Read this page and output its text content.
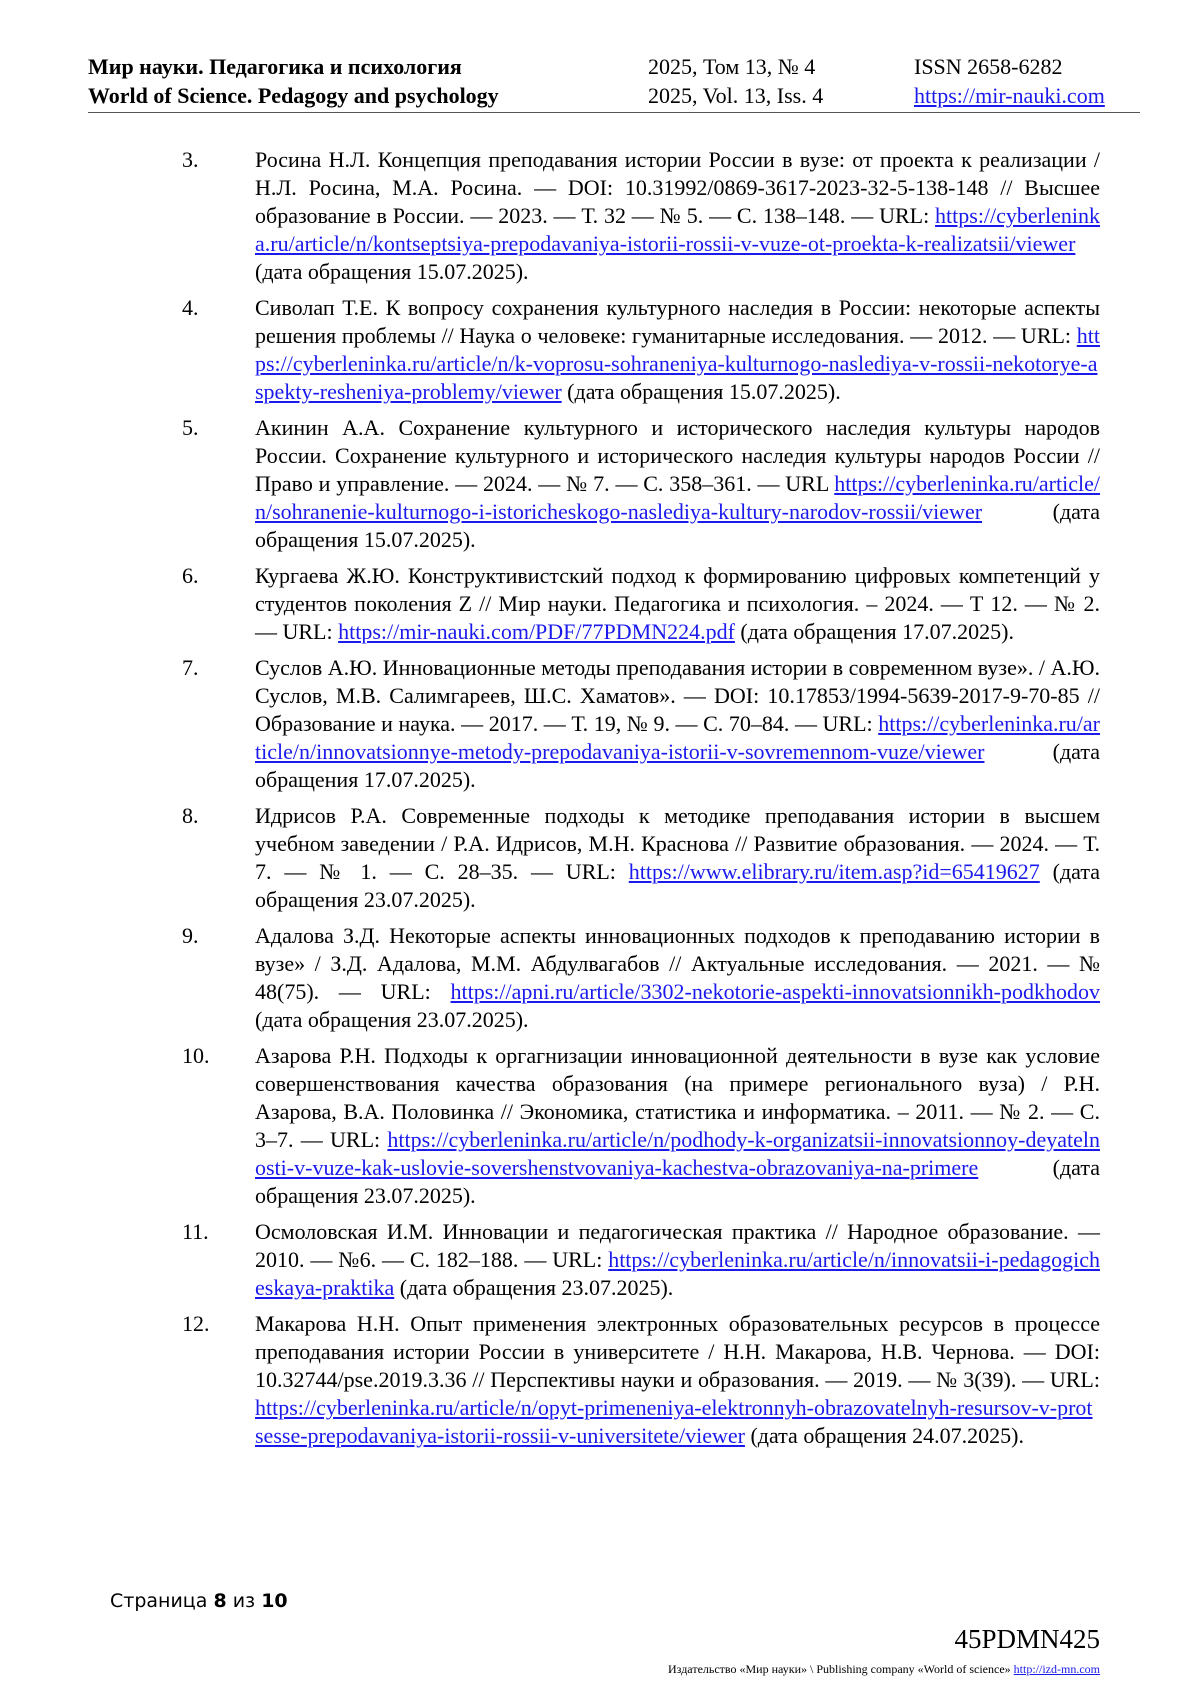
Мир науки. Педагогика и психология
World of Science. Pedagogy and psychology
2025, Том 13, № 4
2025, Vol. 13, Iss. 4
ISSN 2658-6282
https://mir-nauki.com
3.	Росина Н.Л. Концепция преподавания истории России в вузе: от проекта к реализации / Н.Л. Росина, М.А. Росина. — DOI: 10.31992/0869-3617-2023-32-5-138-148 // Высшее образование в России. — 2023. — Т. 32 — № 5. — С. 138–148. — URL: https://cyberleninka.ru/article/n/kontseptsiya-prepodavaniya-istorii-rossii-v-vuze-ot-proekta-k-realizatsii/viewer (дата обращения 15.07.2025).
4.	Сиволап Т.Е. К вопросу сохранения культурного наследия в России: некоторые аспекты решения проблемы // Наука о человеке: гуманитарные исследования. — 2012. — URL: https://cyberleninka.ru/article/n/k-voprosu-sohraneniya-kulturnogo-naslediya-v-rossii-nekotorye-aspekty-resheniya-problemy/viewer (дата обращения 15.07.2025).
5.	Акинин А.А. Сохранение культурного и исторического наследия культуры народов России. Сохранение культурного и исторического наследия культуры народов России // Право и управление. — 2024. — № 7. — С. 358–361. — URL https://cyberleninka.ru/article/n/sohranenie-kulturnogo-i-istoricheskogo-naslediya-kultury-narodov-rossii/viewer (дата обращения 15.07.2025).
6.	Кургаева Ж.Ю. Конструктивистский подход к формированию цифровых компетенций у студентов поколения Z // Мир науки. Педагогика и психология. – 2024. — Т 12. — № 2. — URL: https://mir-nauki.com/PDF/77PDMN224.pdf (дата обращения 17.07.2025).
7.	Суслов А.Ю. Инновационные методы преподавания истории в современном вузе». / А.Ю. Суслов, М.В. Салимгареев, Ш.С. Хаматов». — DOI: 10.17853/1994-5639-2017-9-70-85 // Образование и наука. — 2017. — Т. 19, № 9. — С. 70–84. — URL: https://cyberleninka.ru/article/n/innovatsionnye-metody-prepodavaniya-istorii-v-sovremennom-vuze/viewer (дата обращения 17.07.2025).
8.	Идрисов Р.А. Современные подходы к методике преподавания истории в высшем учебном заведении / Р.А. Идрисов, М.Н. Краснова // Развитие образования. — 2024. — Т. 7. — № 1. — С. 28–35. — URL: https://www.elibrary.ru/item.asp?id=65419627 (дата обращения 23.07.2025).
9.	Адалова З.Д. Некоторые аспекты инновационных подходов к преподаванию истории в вузе» / З.Д. Адалова, М.М. Абдулвагабов // Актуальные исследования. — 2021. — № 48(75). — URL: https://apni.ru/article/3302-nekotorie-aspekti-innovatsionnikh-podkhodov (дата обращения 23.07.2025).
10. Азарова Р.Н. Подходы к оргагнизации инновационной деятельности в вузе как условие совершенствования качества образования (на примере регионального вуза) / Р.Н. Азарова, В.А. Половинка // Экономика, статистика и информатика. – 2011. — № 2. — С. 3–7. — URL: https://cyberleninka.ru/article/n/podhody-k-organizatsii-innovatsionnoy-deyatelnosti-v-vuze-kak-uslovie-sovershenstvovaniya-kachestva-obrazovaniya-na-primere (дата обращения 23.07.2025).
11. Осмоловская И.М. Инновации и педагогическая практика // Народное образование. — 2010. — №6. — С. 182–188. — URL: https://cyberleninka.ru/article/n/innovatsii-i-pedagogicheskaya-praktika (дата обращения 23.07.2025).
12. Макарова Н.Н. Опыт применения электронных образовательных ресурсов в процессе преподавания истории России в университете / Н.Н. Макарова, Н.В. Чернова. — DOI: 10.32744/pse.2019.3.36 // Перспективы науки и образования. — 2019. — № 3(39). — URL: https://cyberleninka.ru/article/n/opyt-primeneniya-elektronnyh-obrazovatelnyh-resursov-v-protsesse-prepodavaniya-istorii-rossii-v-universitete/viewer (дата обращения 24.07.2025).
Страница 8 из 10
45PDMN425
Издательство «Мир науки» \ Publishing company «World of science» http://izd-mn.com
